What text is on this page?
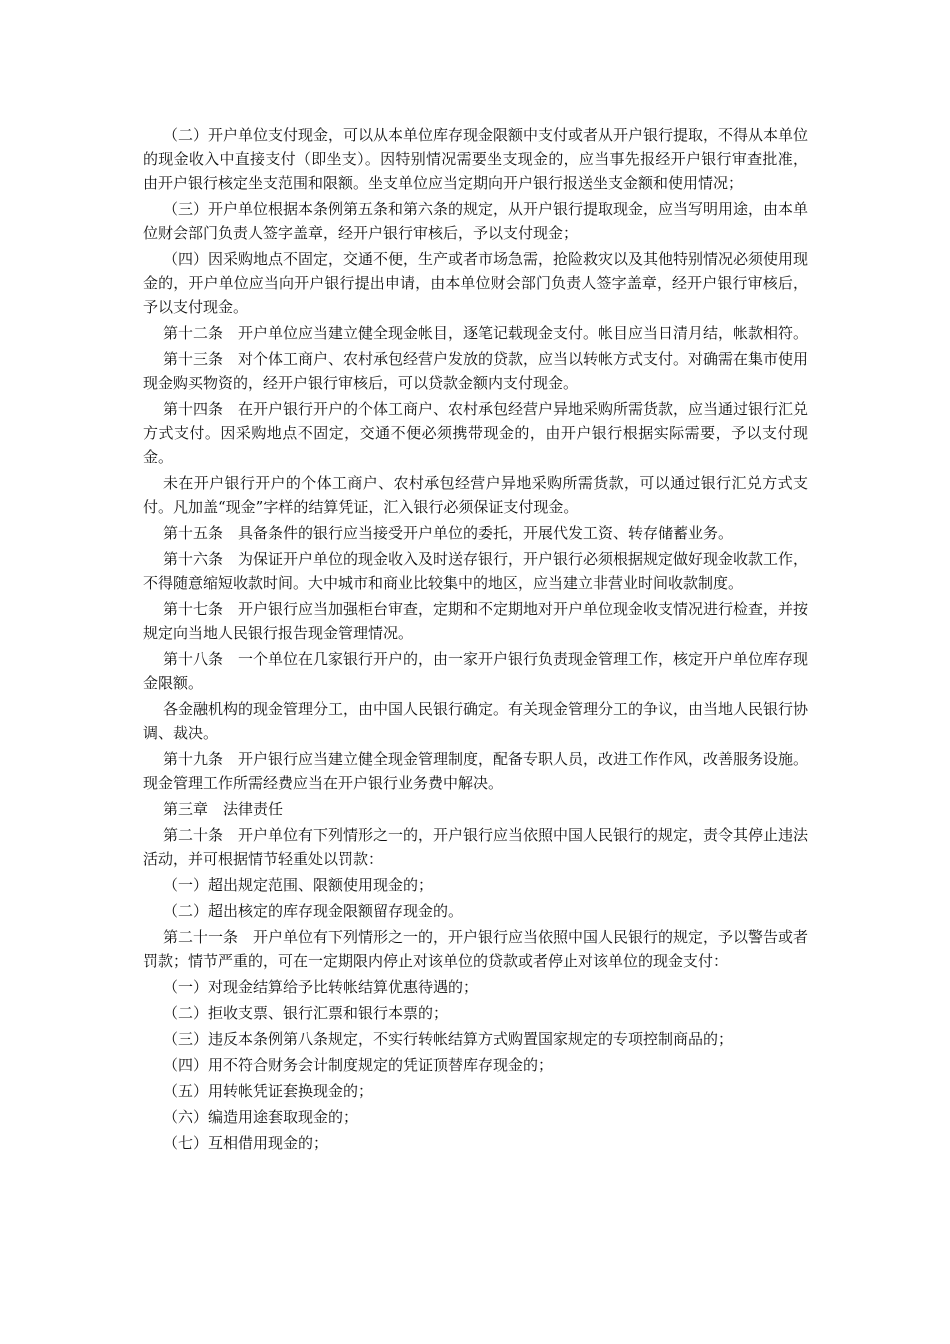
（二）开户单位支付现金，可以从本单位库存现金限额中支付或者从开户银行提取，不得从本单位的现金收入中直接支付（即坐支）。因特别情况需要坐支现金的，应当事先报经开户银行审查批准，由开户银行核定坐支范围和限额。坐支单位应当定期向开户银行报送坐支金额和使用情况；

（三）开户单位根据本条例第五条和第六条的规定，从开户银行提取现金，应当写明用途，由本单位财会部门负责人签字盖章，经开户银行审核后，予以支付现金；

（四）因采购地点不固定，交通不便，生产或者市场急需，抢险救灾以及其他特别情况必须使用现金的，开户单位应当向开户银行提出申请，由本单位财会部门负责人签字盖章，经开户银行审核后，予以支付现金。

第十二条　开户单位应当建立健全现金帐目，逐笔记载现金支付。帐目应当日清月结，帐款相符。

第十三条　对个体工商户、农村承包经营户发放的贷款，应当以转帐方式支付。对确需在集市使用现金购买物资的，经开户银行审核后，可以贷款金额内支付现金。

第十四条　在开户银行开户的个体工商户、农村承包经营户异地采购所需货款，应当通过银行汇兑方式支付。因采购地点不固定，交通不便必须携带现金的，由开户银行根据实际需要，予以支付现金。

未在开户银行开户的个体工商户、农村承包经营户异地采购所需货款，可以通过银行汇兑方式支付。凡加盖“现金”字样的结算凭证，汇入银行必须保证支付现金。

第十五条　具备条件的银行应当接受开户单位的委托，开展代发工资、转存储蓄业务。

第十六条　为保证开户单位的现金收入及时送存银行，开户银行必须根据规定做好现金收款工作，不得随意缩短收款时间。大中城市和商业比较集中的地区，应当建立非营业时间收款制度。

第十七条　开户银行应当加强柜台审查，定期和不定期地对开户单位现金收支情况进行检查，并按规定向当地人民银行报告现金管理情况。

第十八条　一个单位在几家银行开户的，由一家开户银行负责现金管理工作，核定开户单位库存现金限额。

各金融机构的现金管理分工，由中国人民银行确定。有关现金管理分工的争议，由当地人民银行协调、裁决。

第十九条　开户银行应当建立健全现金管理制度，配备专职人员，改进工作作风，改善服务设施。现金管理工作所需经费应当在开户银行业务费中解决。

第三章　法律责任

第二十条　开户单位有下列情形之一的，开户银行应当依照中国人民银行的规定，责令其停止违法活动，并可根据情节轻重处以罚款：

（一）超出规定范围、限额使用现金的；

（二）超出核定的库存现金限额留存现金的。

第二十一条　开户单位有下列情形之一的，开户银行应当依照中国人民银行的规定，予以警告或者罚款；情节严重的，可在一定期限内停止对该单位的贷款或者停止对该单位的现金支付：

（一）对现金结算给予比转帐结算优惠待遇的；

（二）拒收支票、银行汇票和银行本票的；

（三）违反本条例第八条规定，不实行转帐结算方式购置国家规定的专项控制商品的；

（四）用不符合财务会计制度规定的凭证顶替库存现金的；

（五）用转帐凭证套换现金的；

（六）编造用途套取现金的；

（七）互相借用现金的；
